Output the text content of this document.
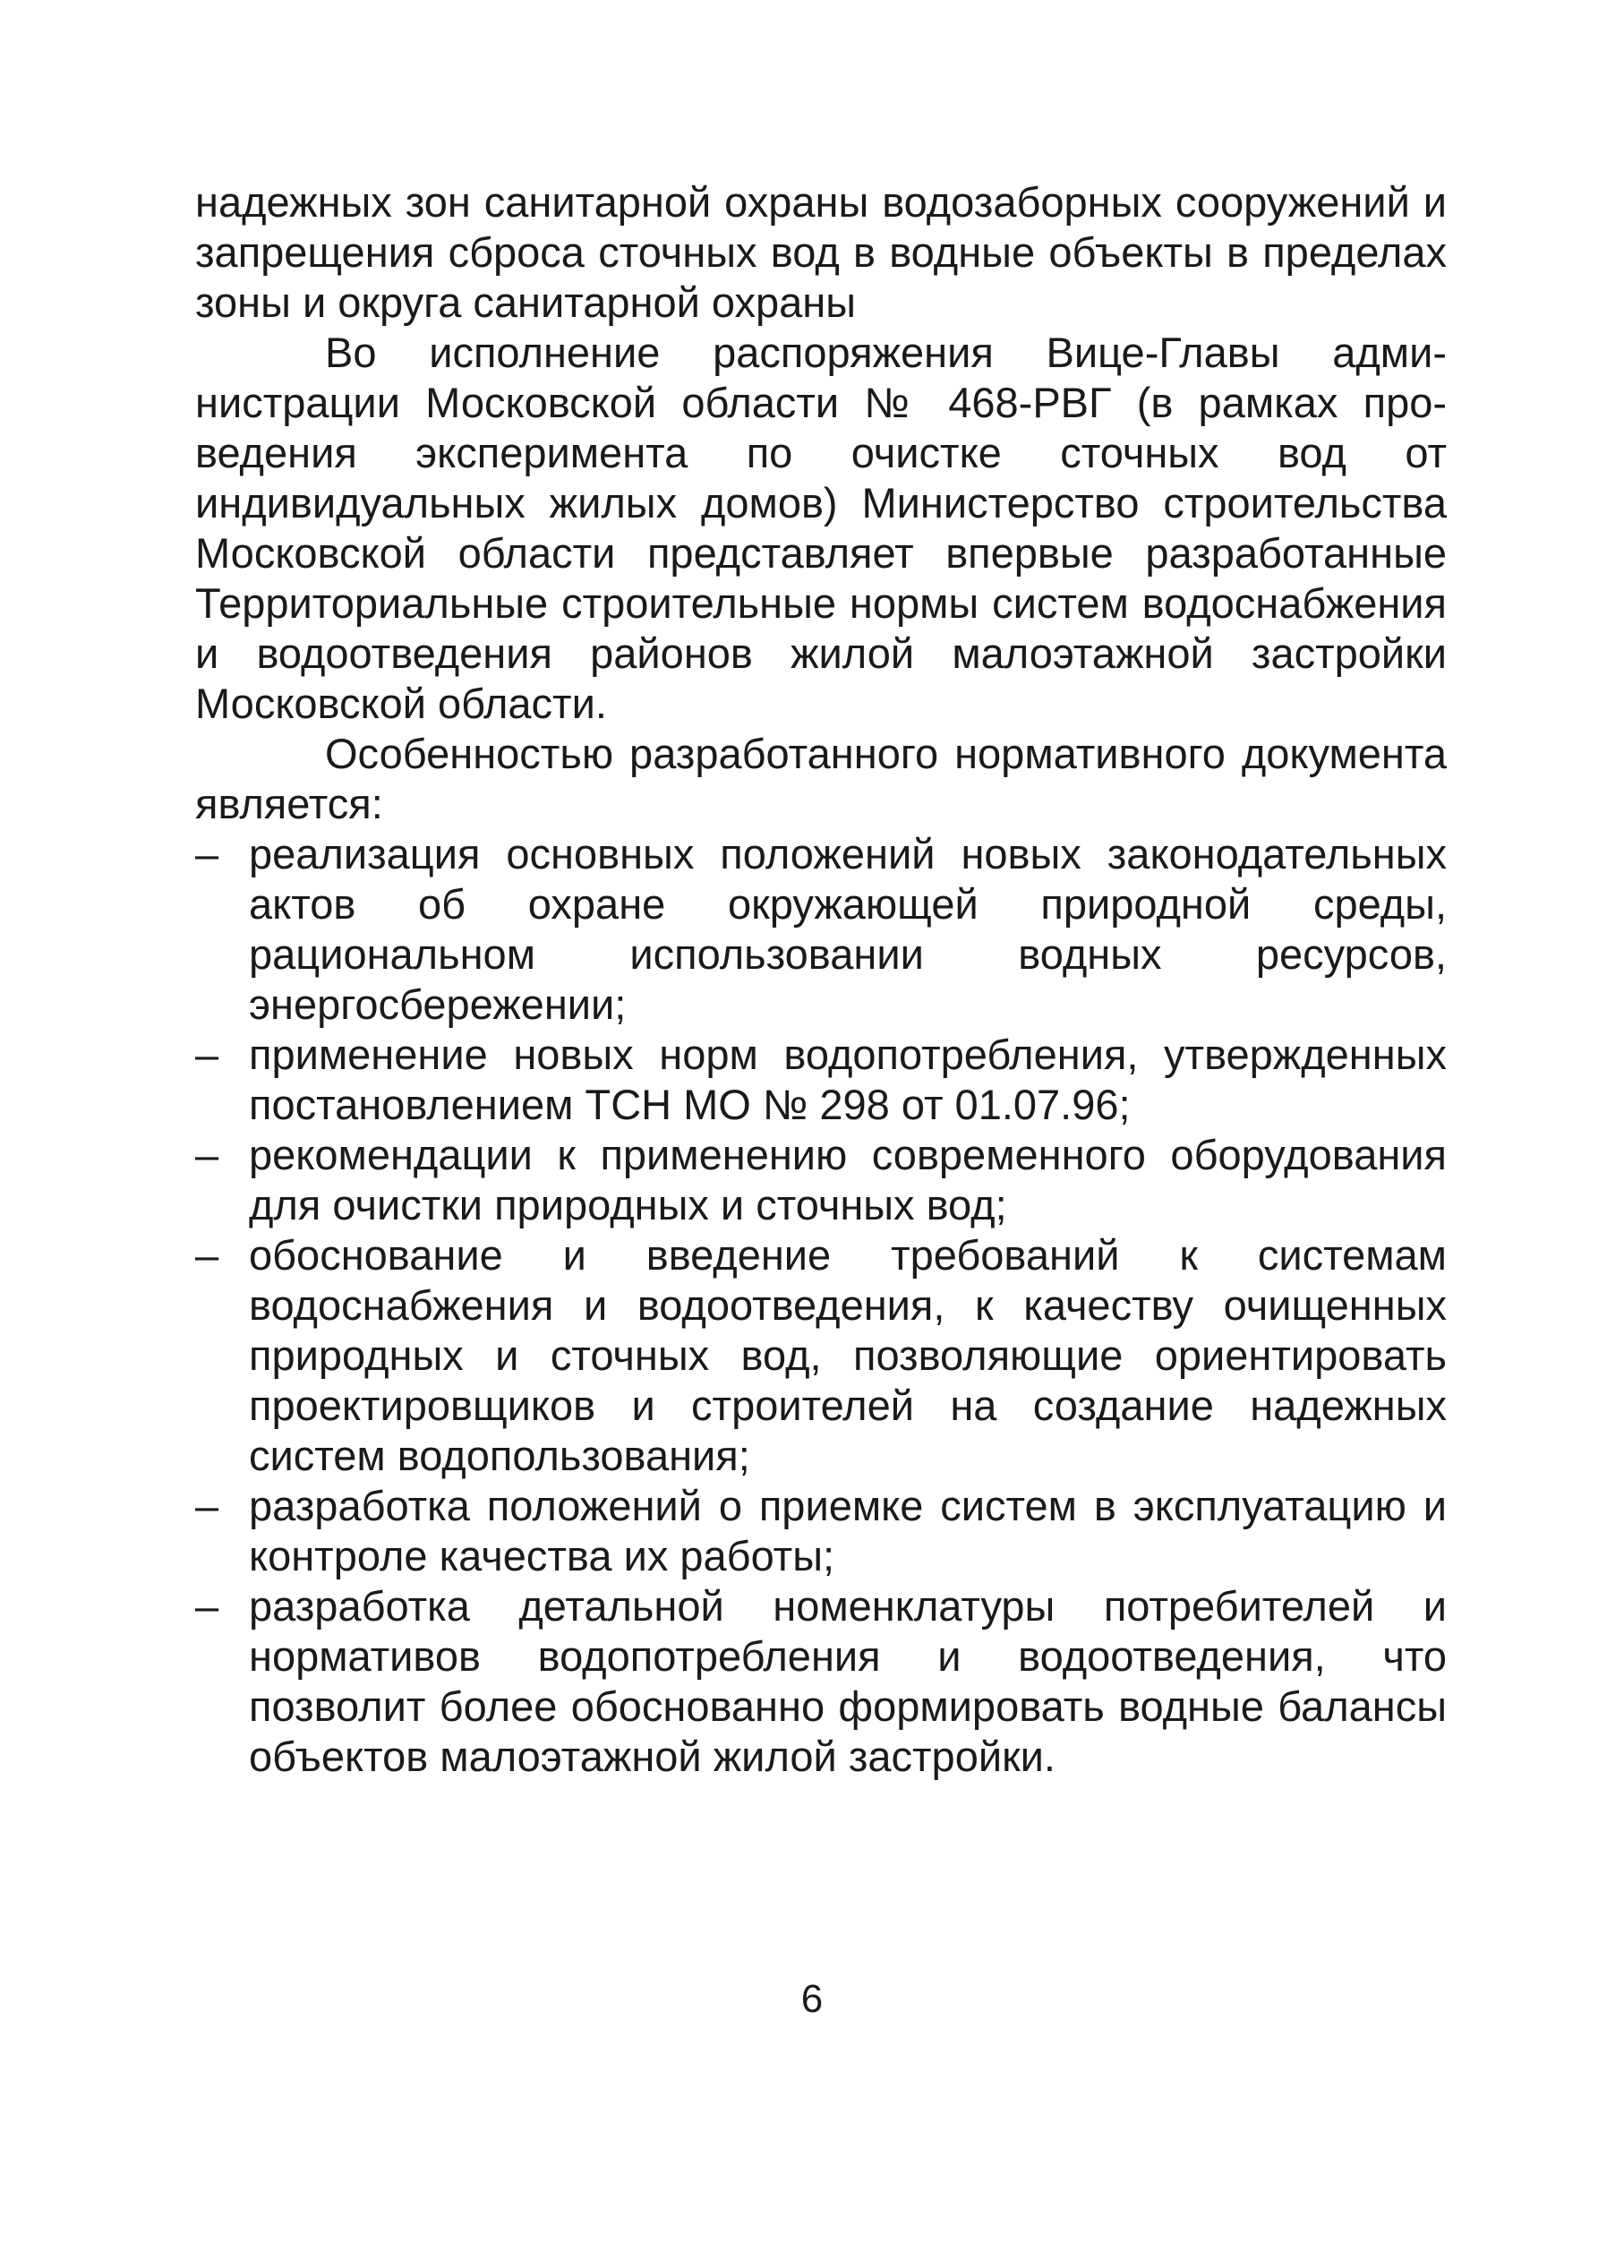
надежных зон санитарной охраны водозаборных сооружений и запрещения сброса сточных вод в водные объекты в пределах зоны и округа санитарной охраны

Во исполнение распоряжения Вице-Главы администрации Московской области № 468-РВГ (в рамках проведения эксперимента по очистке сточных вод от индивидуальных жилых домов) Министерство строительства Московской области представляет впервые разработанные Территориальные строительные нормы систем водоснабжения и водоотведения районов жилой малоэтажной застройки Московской области.

Особенностью разработанного нормативного документа является:

– реализация основных положений новых законодательных актов об охране окружающей природной среды, рациональном использовании водных ресурсов, энергосбережении;
– применение новых норм водопотребления, утвержденных постановлением ТСН МО № 298 от 01.07.96;
– рекомендации к применению современного оборудования для очистки природных и сточных вод;
– обоснование и введение требований к системам водоснабжения и водоотведения, к качеству очищенных природных и сточных вод, позволяющие ориентировать проектировщиков и строителей на создание надежных систем водопользования;
– разработка положений о приемке систем в эксплуатацию и контроле качества их работы;
– разработка детальной номенклатуры потребителей и нормативов водопотребления и водоотведения, что позволит более обоснованно формировать водные балансы объектов малоэтажной жилой застройки.
6
